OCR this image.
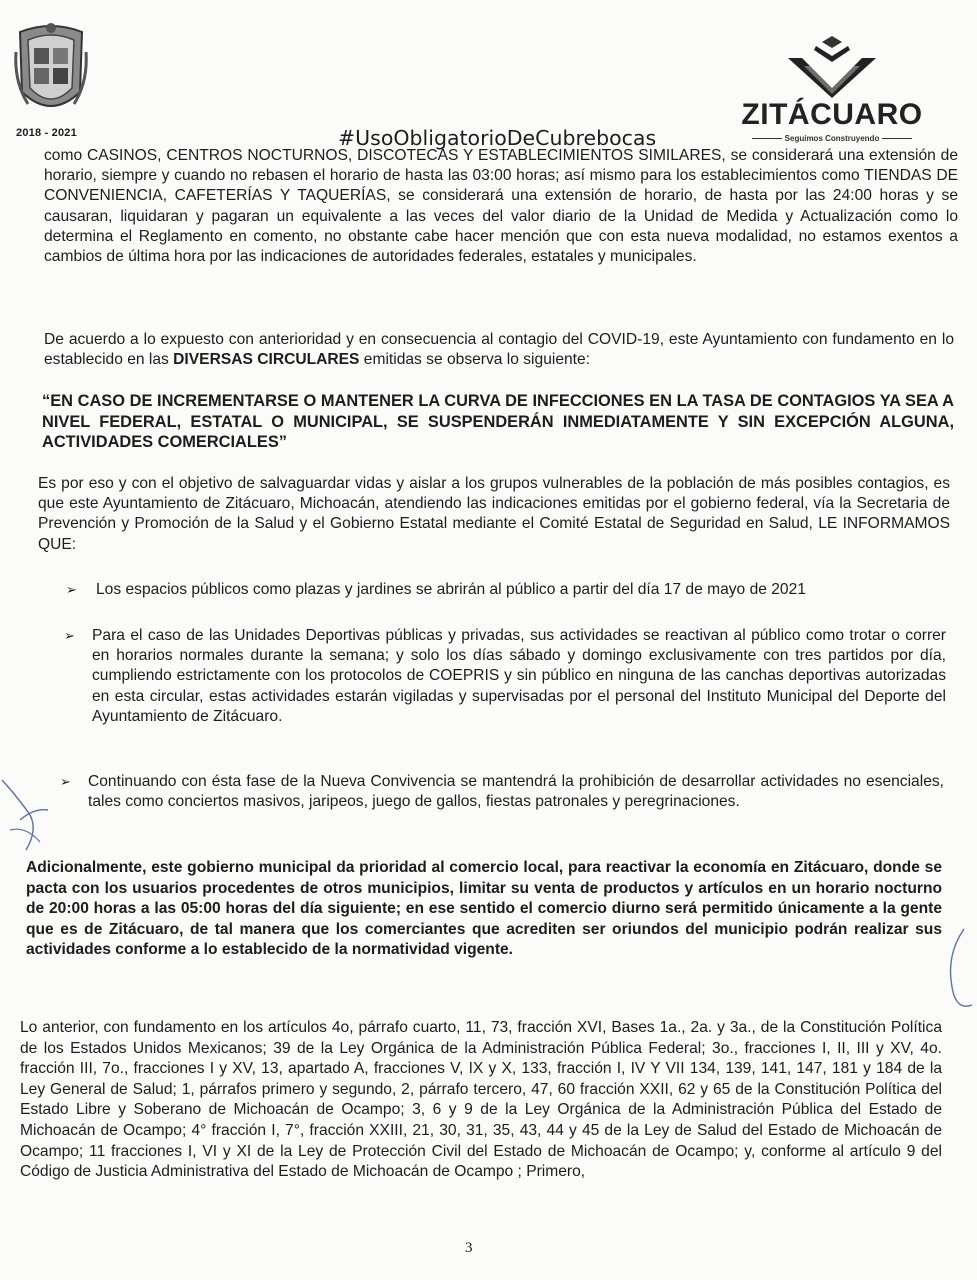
2018 - 2021	#UsoObligatorioDeCubrebocas
ZITÁCUARO
Seguimos Construyendo
como CASINOS, CENTROS NOCTURNOS, DISCOTECAS Y ESTABLECIMIENTOS SIMILARES, se considerará una extensión de horario, siempre y cuando no rebasen el horario de hasta las 03:00 horas; así mismo para los establecimientos como TIENDAS DE CONVENIENCIA, CAFETERÍAS Y TAQUERÍAS, se considerará una extensión de horario, de hasta por las 24:00 horas y se causaran, liquidaran y pagaran un equivalente a las veces del valor diario de la Unidad de Medida y Actualización como lo determina el Reglamento en comento, no obstante cabe hacer mención que con esta nueva modalidad, no estamos exentos a cambios de última hora por las indicaciones de autoridades federales, estatales y municipales.
De acuerdo a lo expuesto con anterioridad y en consecuencia al contagio del COVID-19, este Ayuntamiento con fundamento en lo establecido en las DIVERSAS CIRCULARES emitidas se observa lo siguiente:
“EN CASO DE INCREMENTARSE O MANTENER LA CURVA DE INFECCIONES EN LA TASA DE CONTAGIOS YA SEA A NIVEL FEDERAL, ESTATAL O MUNICIPAL, SE SUSPENDERÁN INMEDIATAMENTE Y SIN EXCEPCIÓN ALGUNA, ACTIVIDADES COMERCIALES”
Es por eso y con el objetivo de salvaguardar vidas y aislar a los grupos vulnerables de la población de más posibles contagios, es que este Ayuntamiento de Zitácuaro, Michoacán, atendiendo las indicaciones emitidas por el gobierno federal, vía la Secretaria de Prevención y Promoción de la Salud y el Gobierno Estatal mediante el Comité Estatal de Seguridad en Salud, LE INFORMAMOS QUE:
➢ Los espacios públicos como plazas y jardines se abrirán al público a partir del día 17 de mayo de 2021
➢ Para el caso de las Unidades Deportivas públicas y privadas, sus actividades se reactivan al público como trotar o correr en horarios normales durante la semana; y solo los días sábado y domingo exclusivamente con tres partidos por día, cumpliendo estrictamente con los protocolos de COEPRIS y sin público en ninguna de las canchas deportivas autorizadas en esta circular, estas actividades estarán vigiladas y supervisadas por el personal del Instituto Municipal del Deporte del Ayuntamiento de Zitácuaro.
➢ Continuando con ésta fase de la Nueva Convivencia se mantendrá la prohibición de desarrollar actividades no esenciales, tales como conciertos masivos, jaripeos, juego de gallos, fiestas patronales y peregrinaciones.
Adicionalmente, este gobierno municipal da prioridad al comercio local, para reactivar la economía en Zitácuaro, donde se pacta con los usuarios procedentes de otros municipios, limitar su venta de productos y artículos en un horario nocturno de 20:00 horas a las 05:00 horas del día siguiente; en ese sentido el comercio diurno será permitido únicamente a la gente que es de Zitácuaro, de tal manera que los comerciantes que acrediten ser oriundos del municipio podrán realizar sus actividades conforme a lo establecido de la normatividad vigente.
Lo anterior, con fundamento en los artículos 4o, párrafo cuarto, 11, 73, fracción XVI, Bases 1a., 2a. y 3a., de la Constitución Política de los Estados Unidos Mexicanos; 39 de la Ley Orgánica de la Administración Pública Federal; 3o., fracciones I, II, III y XV, 4o. fracción III, 7o., fracciones I y XV, 13, apartado A, fracciones V, IX y X, 133, fracción I, IV Y VII 134, 139, 141, 147, 181 y 184 de la Ley General de Salud; 1, párrafos primero y segundo, 2, párrafo tercero, 47, 60 fracción XXII, 62 y 65 de la Constitución Política del Estado Libre y Soberano de Michoacán de Ocampo; 3, 6 y 9 de la Ley Orgánica de la Administración Pública del Estado de Michoacán de Ocampo; 4° fracción I, 7°, fracción XXIII, 21, 30, 31, 35, 43, 44 y 45 de la Ley de Salud del Estado de Michoacán de Ocampo; 11 fracciones I, VI y XI de la Ley de Protección Civil del Estado de Michoacán de Ocampo; y, conforme al artículo 9 del Código de Justicia Administrativa del Estado de Michoacán de Ocampo ; Primero,
3
